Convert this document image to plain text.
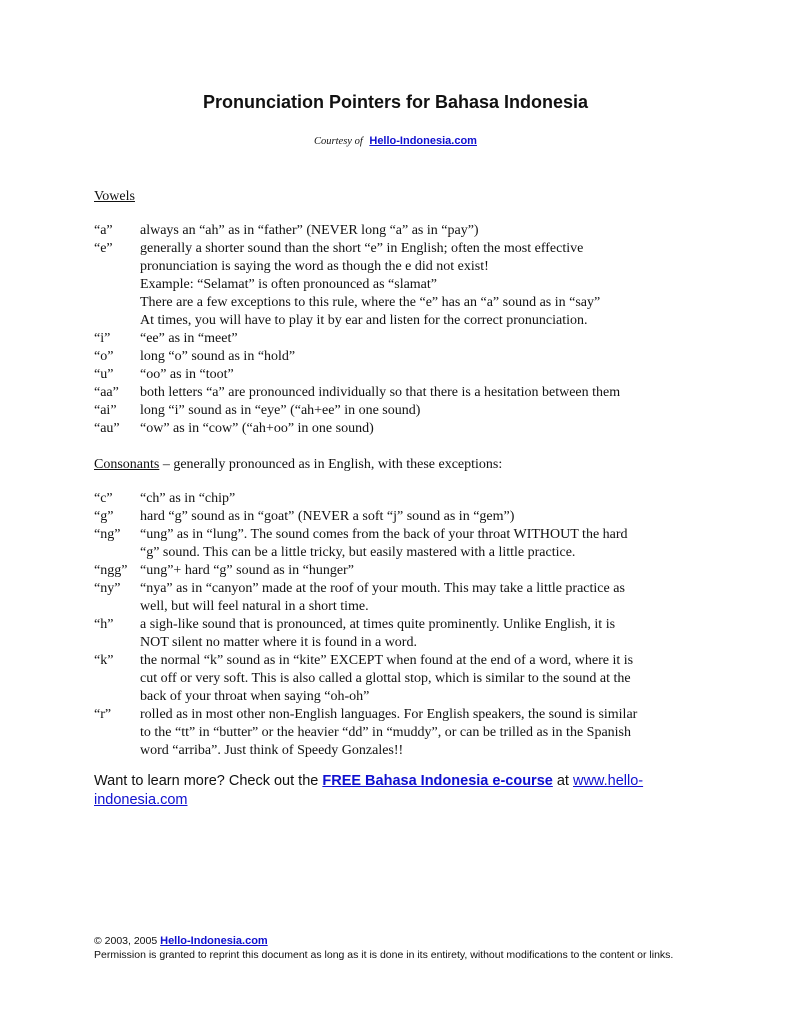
Pronunciation Pointers for Bahasa Indonesia
Courtesy of Hello-Indonesia.com
Vowels
“a”	always an “ah” as in “father” (NEVER long “a” as in “pay”)
“e”	generally a shorter sound than the short “e” in English; often the most effective
pronunciation is saying the word as though the e did not exist!
Example: “Selamat” is often pronounced as “slamat”
There are a few exceptions to this rule, where the “e” has an “a” sound as in “say”
At times, you will have to play it by ear and listen for the correct pronunciation.
“i”	“ee” as in “meet”
“o”	long “o” sound as in “hold”
“u”	“oo” as in “toot”
“aa”	both letters “a” are pronounced individually so that there is a hesitation between them
“ai”	long “i” sound as in “eye” (“ah+ee” in one sound)
“au”	“ow” as in “cow” (“ah+oo” in one sound)
Consonants – generally pronounced as in English, with these exceptions:
“c”	“ch” as in “chip”
“g”	hard “g” sound as in “goat” (NEVER a soft “j” sound as in “gem”)
“ng”	“ung” as in “lung”. The sound comes from the back of your throat WITHOUT the hard
“g” sound. This can be a little tricky, but easily mastered with a little practice.
“ngg” “ung”+ hard “g” sound as in “hunger”
“ny”	“nya” as in “canyon” made at the roof of your mouth. This may take a little practice as
well, but will feel natural in a short time.
“h”	a sigh-like sound that is pronounced, at times quite prominently. Unlike English, it is
NOT silent no matter where it is found in a word.
“k”	the normal “k” sound as in “kite” EXCEPT when found at the end of a word, where it is
cut off or very soft. This is also called a glottal stop, which is similar to the sound at the
back of your throat when saying “oh-oh”
“r”	rolled as in most other non-English languages. For English speakers, the sound is similar
to the “tt” in “butter” or the heavier “dd” in “muddy”, or can be trilled as in the Spanish
word “arriba”. Just think of Speedy Gonzales!!
Want to learn more? Check out the FREE Bahasa Indonesia e-course at www.hello-indonesia.com
© 2003, 2005 Hello-Indonesia.com
Permission is granted to reprint this document as long as it is done in its entirety, without modifications to the content or links.
